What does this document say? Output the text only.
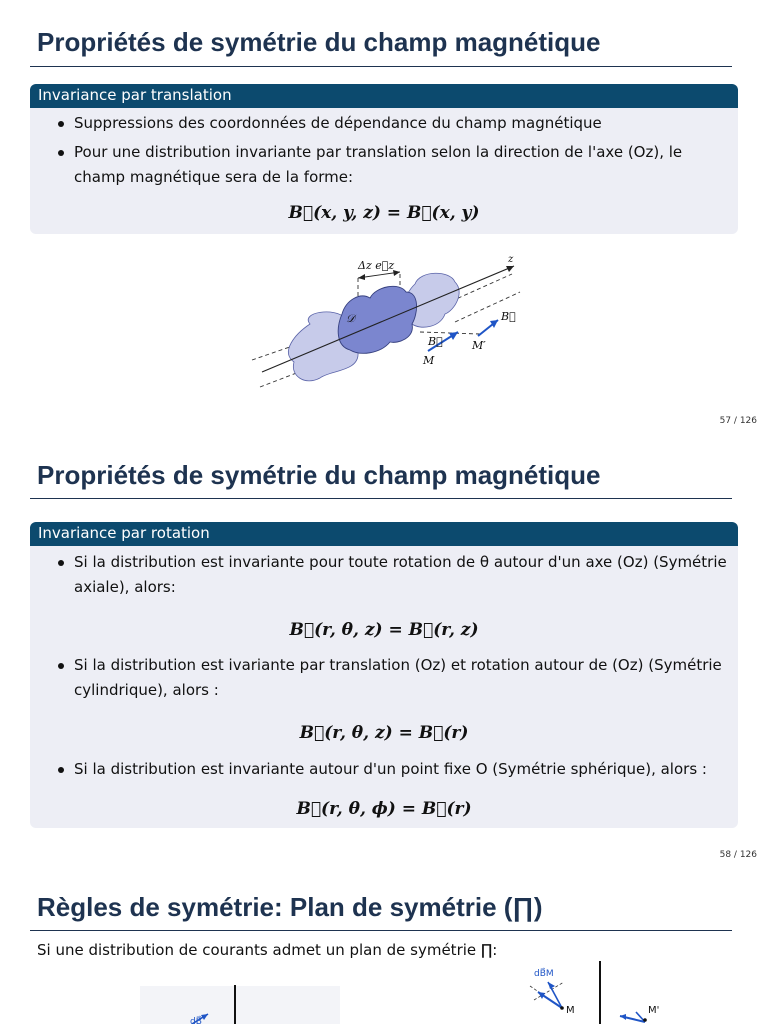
Propriétés de symétrie du champ magnétique
Invariance par translation
Suppressions des coordonnées de dépendance du champ magnétique
Pour une distribution invariante par translation selon la direction de l'axe (Oz), le champ magnétique sera de la forme:
B⃗(x, y, z) = B⃗(x, y)
Δz e⃗z	z
𝒟
B⃗
M
M′
B⃗
57 / 126
Propriétés de symétrie du champ magnétique
Invariance par rotation
Si la distribution est invariante pour toute rotation de θ autour d'un axe (Oz) (Symétrie axiale), alors:
Si la distribution est ivariante par translation (Oz) et rotation autour de (Oz) (Symétrie cylindrique), alors :
Si la distribution est invariante autour d'un point fixe O (Symétrie sphérique), alors :
B⃗(r, θ, z) = B⃗(r, z)
B⃗(r, θ, z) = B⃗(r)
B⃗(r, θ, ϕ) = B⃗(r)
58 / 126
Règles de symétrie: Plan de symétrie (∏)
Si une distribution de courants admet un plan de symétrie ∏:
dB⃗
dB⃗M
M	M'
